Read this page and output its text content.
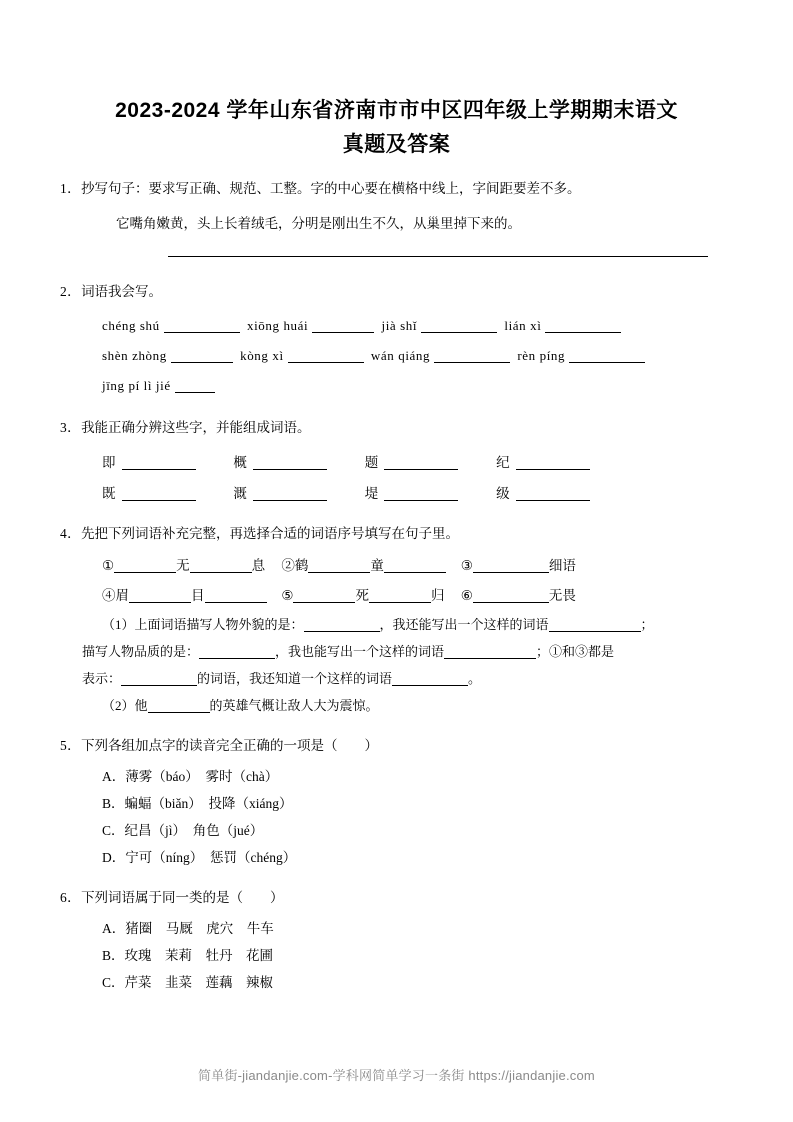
2023-2024 学年山东省济南市市中区四年级上学期期末语文
真题及答案
1．抄写句子：要求写正确、规范、工整。字的中心要在横格中线上，字间距要差不多。
它嘴角嫩黄，头上长着绒毛，分明是刚出生不久，从巢里掉下来的。
2．词语我会写。
chéng shú	xiōng huái	jià shǐ	lián xì
shèn zhòng	kòng xì	wán qiáng	rèn píng
jīng pí lì jié
3．我能正确分辨这些字，并能组成词语。
即	概	题	纪
既	溉	堤	级
4．先把下列词语补充完整，再选择合适的词语序号填写在句子里。
①	无	息 ②鹤	童	③	细语
④眉	目	⑤	死	归 ⑥	无畏
（1）上面词语描写人物外貌的是：	，我还能写出一个这样的词语	；
描写人物品质的是：	，我也能写出一个这样的词语	；①和③都是
表示：	的词语，我还知道一个这样的词语	。
（2）他	的英雄气概让敌人大为震惊。
5．下列各组加点字的读音完全正确的一项是（　　）
A．薄雾（báo）　雾时（chà）
B．蝙蝠（biǎn）　投降（xiáng）
C．纪昌（jì）　角色（jué）
D．宁可（níng）　惩罚（chéng）
6．下列词语属于同一类的是（　　）
A．猪圈　马厩　虎穴　牛车
B．玫瑰　茉莉　牡丹　花圃
C．芹菜　韭菜　莲藕　辣椒
简单街-jiandanjie.com-学科网简单学习一条街 https://jiandanjie.com
